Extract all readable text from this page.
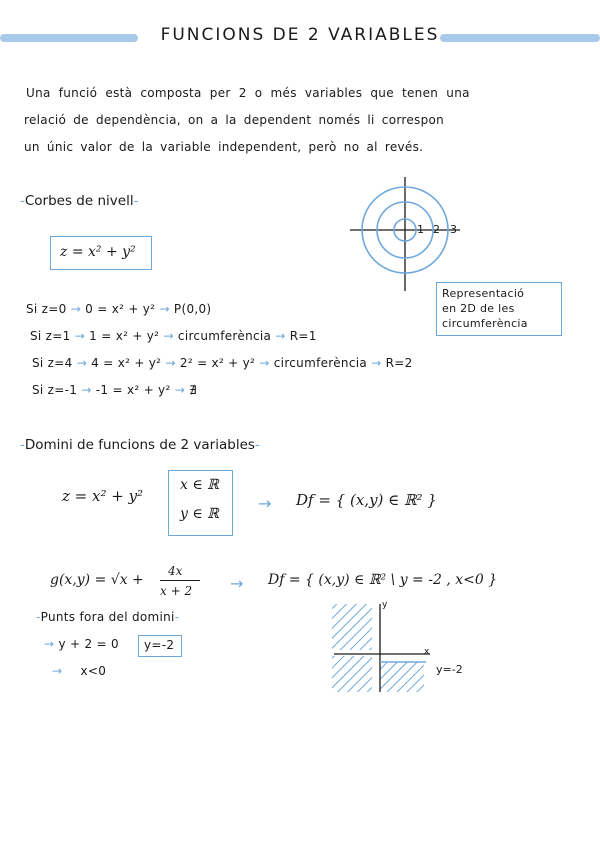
FUNCIONS DE 2 VARIABLES
Una funció està composta per 2 o més variables que tenen una
relació de dependència, on a la dependent només li correspon
un únic valor de la variable independent, però no al revés.
-Corbes de nivell-
z = x² + y²
1 2 3
Representació
en 2D de les
circumferència
Si z=0 → 0 = x² + y² → P(0,0)
Si z=1 → 1 = x² + y² → circumferència → R=1
Si z=4 → 4 = x² + y² → 2² = x² + y² → circumferència → R=2
Si z=-1 → -1 = x² + y² → ∄
-Domini de funcions de 2 variables-
z = x² + y²
x ∈ ℝ
y ∈ ℝ
→ Df = { (x,y) ∈ ℝ² }
g(x,y) = √x +
4x
x + 2 → Df = { (x,y) ∈ ℝ² \ y = -2 , x<0 }
-Punts fora del domini-
→ y + 2 = 0 y=-2
→ x<0
y
x
y=-2
